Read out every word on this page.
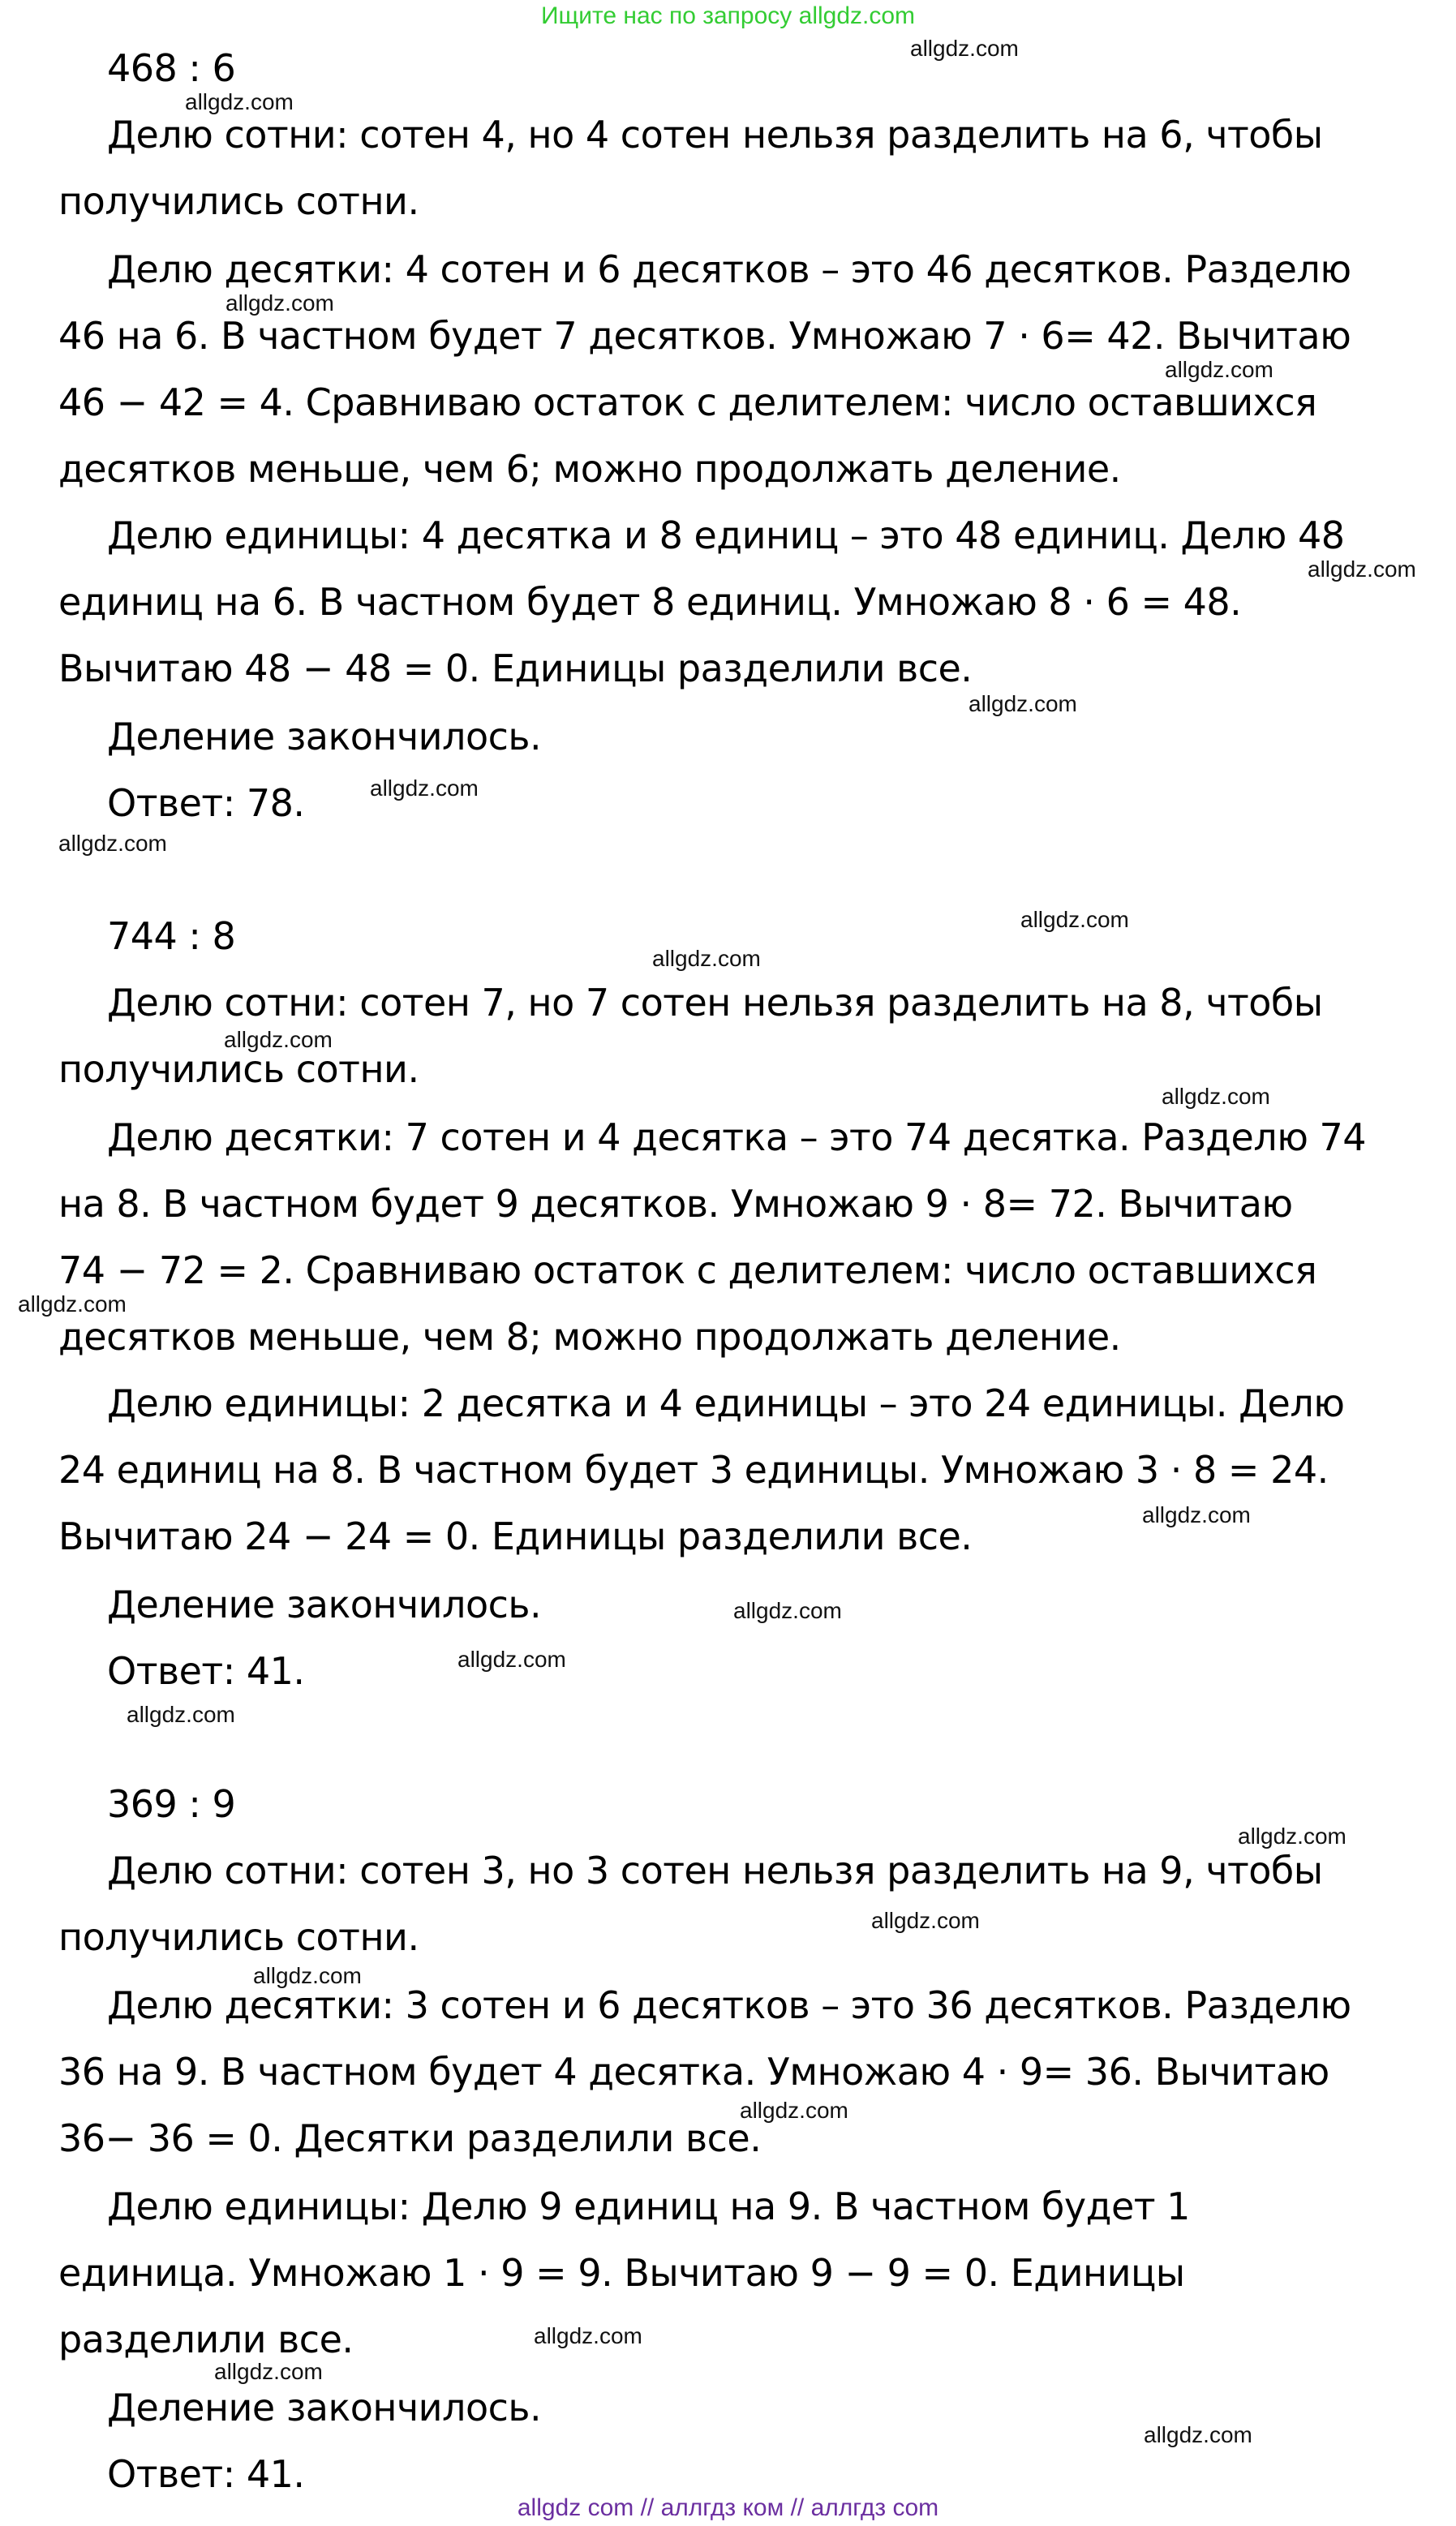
Ищите нас по запросу allgdz.com
468 : 6
Делю сотни: сотен 4, но 4 сотен нельзя разделить на 6, чтобы
получились сотни.
Делю десятки: 4 сотен и 6 десятков – это 46 десятков. Разделю
46 на 6. В частном будет 7 десятков. Умножаю 7 · 6= 42. Вычитаю
46 − 42 = 4. Сравниваю остаток с делителем: число оставшихся
десятков меньше, чем 6; можно продолжать деление.
Делю единицы: 4 десятка и 8 единиц – это 48 единиц. Делю 48
единиц на 6. В частном будет 8 единиц. Умножаю 8 · 6 = 48.
Вычитаю 48 − 48 = 0. Единицы разделили все.
Деление закончилось.
Ответ: 78.
744 : 8
Делю сотни: сотен 7, но 7 сотен нельзя разделить на 8, чтобы
получились сотни.
Делю десятки: 7 сотен и 4 десятка – это 74 десятка. Разделю 74
на 8. В частном будет 9 десятков. Умножаю 9 · 8= 72. Вычитаю
74 − 72 = 2. Сравниваю остаток с делителем: число оставшихся
десятков меньше, чем 8; можно продолжать деление.
Делю единицы: 2 десятка и 4 единицы – это 24 единицы. Делю
24 единиц на 8. В частном будет 3 единицы. Умножаю 3 · 8 = 24.
Вычитаю 24 − 24 = 0. Единицы разделили все.
Деление закончилось.
Ответ: 41.
369 : 9
Делю сотни: сотен 3, но 3 сотен нельзя разделить на 9, чтобы
получились сотни.
Делю десятки: 3 сотен и 6 десятков – это 36 десятков. Разделю
36 на 9. В частном будет 4 десятка. Умножаю 4 · 9= 36. Вычитаю
36− 36 = 0. Десятки разделили все.
Делю единицы: Делю 9 единиц на 9. В частном будет 1
единица. Умножаю 1 · 9 = 9. Вычитаю 9 − 9 = 0. Единицы
разделили все.
Деление закончилось.
Ответ: 41.
allgdz.com
allgdz.com
allgdz.com
allgdz.com
allgdz.com
allgdz.com
allgdz.com
allgdz.com
allgdz.com
allgdz.com
allgdz.com
allgdz.com
allgdz.com
allgdz.com
allgdz.com
allgdz.com
allgdz.com
allgdz.com
allgdz.com
allgdz.com
allgdz.com
allgdz.com
allgdz.com
allgdz.com
allgdz com // аллгдз ком // аллгдз com
